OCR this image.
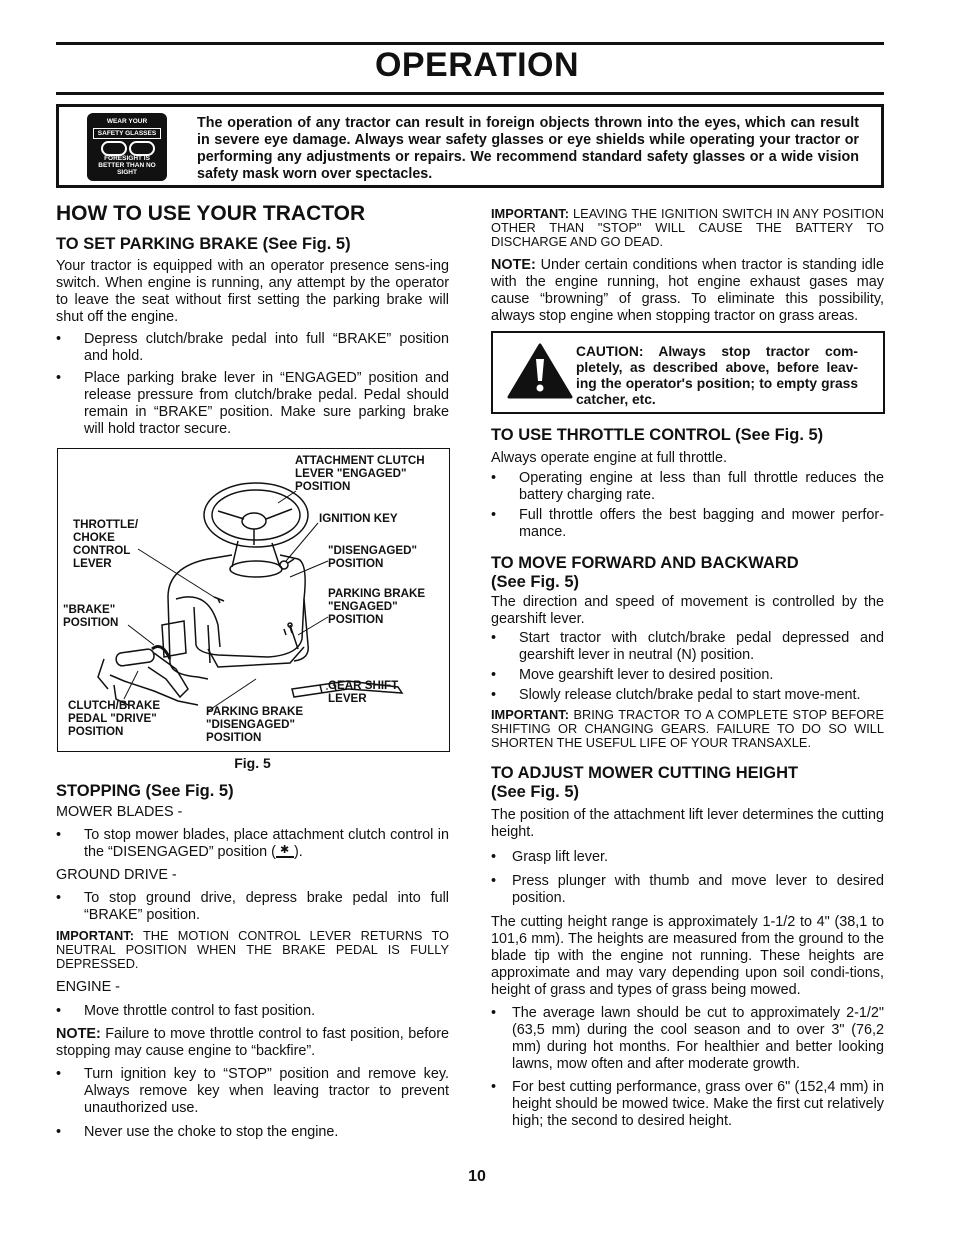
OPERATION
WEAR YOUR
SAFETY GLASSES
FORESIGHT IS BETTER THAN NO SIGHT
The operation of any tractor can result in foreign objects thrown into the eyes, which can result in severe eye damage. Always wear safety glasses or eye shields while operating your tractor or performing any adjustments or repairs. We recommend standard safety glasses or a wide vision safety mask worn over spectacles.
HOW TO USE YOUR TRACTOR
TO SET PARKING BRAKE (See Fig. 5)

Your tractor is equipped with an operator presence sens-ing switch. When engine is running, any attempt by the operator to leave the seat without first setting the parking brake will shut off the engine.

• Depress clutch/brake pedal into full “BRAKE” position and hold.
• Place parking brake lever in “ENGAGED” position and release pressure from clutch/brake pedal. Pedal should remain in “BRAKE” position. Make sure parking brake will hold tractor secure.
ATTACHMENT CLUTCH LEVER "ENGAGED" POSITION
IGNITION KEY
THROTTLE/ CHOKE CONTROL LEVER
"DISENGAGED" POSITION
"BRAKE" POSITION
PARKING BRAKE "ENGAGED" POSITION
GEAR SHIFT LEVER
CLUTCH/BRAKE PEDAL "DRIVE" POSITION
PARKING BRAKE "DISENGAGED" POSITION
Fig. 5
STOPPING (See Fig. 5)

MOWER BLADES -

• To stop mower blades, place attachment clutch control in the “DISENGAGED” position ( ✱ ).

GROUND DRIVE -

• To stop ground drive, depress brake pedal into full “BRAKE” position.

IMPORTANT: THE MOTION CONTROL LEVER RETURNS TO NEUTRAL POSITION WHEN THE BRAKE PEDAL IS FULLY DEPRESSED.

ENGINE -

• Move throttle control to fast position.

NOTE: Failure to move throttle control to fast position, before stopping may cause engine to “backfire”.

• Turn ignition key to “STOP” position and remove key. Always remove key when leaving tractor to prevent unauthorized use.
• Never use the choke to stop the engine.

IMPORTANT: LEAVING THE IGNITION SWITCH IN ANY POSITION OTHER THAN "STOP" WILL CAUSE THE BATTERY TO DISCHARGE AND GO DEAD.

NOTE: Under certain conditions when tractor is standing idle with the engine running, hot engine exhaust gases may cause “browning” of grass. To eliminate this possibility, always stop engine when stopping tractor on grass areas.

CAUTION: Always stop tractor com-pletely, as described above, before leav-ing the operator's position; to empty grass catcher, etc.
TO USE THROTTLE CONTROL (See Fig. 5)

Always operate engine at full throttle.

• Operating engine at less than full throttle reduces the battery charging rate.
• Full throttle offers the best bagging and mower perfor-mance.
TO MOVE FORWARD AND BACKWARD
(See Fig. 5)

The direction and speed of movement is controlled by the gearshift lever.

• Start tractor with clutch/brake pedal depressed and gearshift lever in neutral (N) position.
• Move gearshift lever to desired position.
• Slowly release clutch/brake pedal to start move-ment.

IMPORTANT: BRING TRACTOR TO A COMPLETE STOP BEFORE SHIFTING OR CHANGING GEARS. FAILURE TO DO SO WILL SHORTEN THE USEFUL LIFE OF YOUR TRANSAXLE.

TO ADJUST MOWER CUTTING HEIGHT
(See Fig. 5)

The position of the attachment lift lever determines the cutting height.

• Grasp lift lever.
• Press plunger with thumb and move lever to desired position.

The cutting height range is approximately 1-1/2 to 4" (38,1 to 101,6 mm). The heights are measured from the ground to the blade tip with the engine not running. These heights are approximate and may vary depending upon soil condi-tions, height of grass and types of grass being mowed.

• The average lawn should be cut to approximately 2-1/2" (63,5 mm) during the cool season and to over 3" (76,2 mm) during hot months. For healthier and better looking lawns, mow often and after moderate growth.
• For best cutting performance, grass over 6" (152,4 mm) in height should be mowed twice. Make the first cut relatively high; the second to desired height.
10
